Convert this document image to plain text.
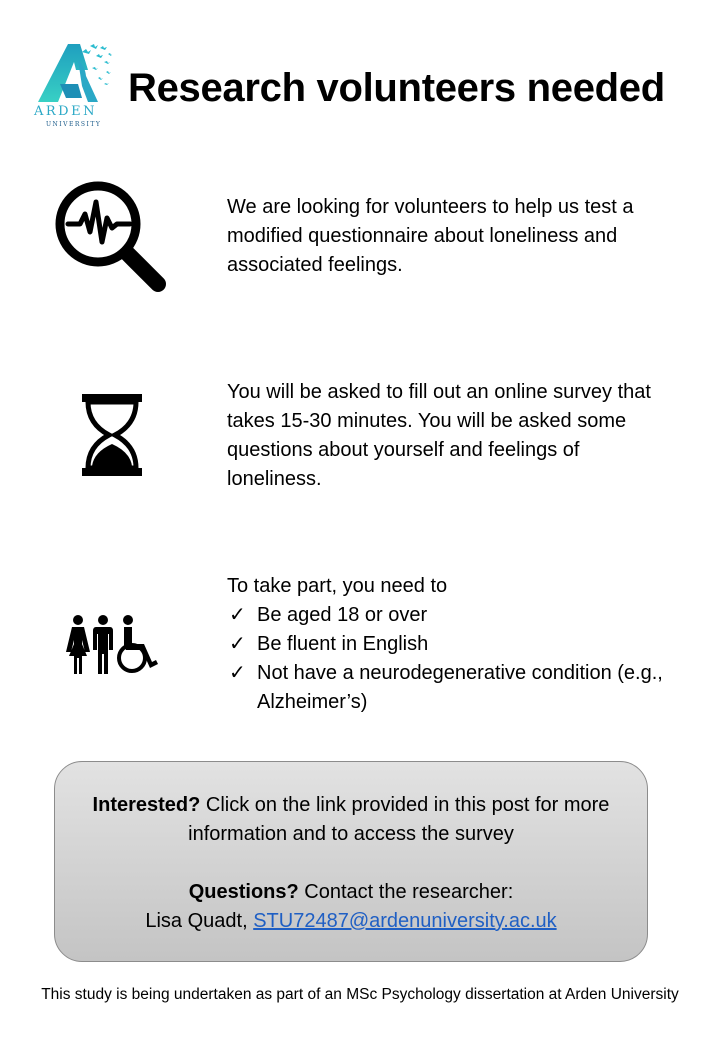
ARDEN
UNIVERSITY
Research volunteers needed
We are looking for volunteers to help us test a modified questionnaire about loneliness and associated feelings.
You will be asked to fill out an online survey that takes 15-30 minutes. You will be asked some questions about yourself and feelings of loneliness.
To take part, you need to
✓ Be aged 18 or over
✓ Be fluent in English
✓ Not have a neurodegenerative condition (e.g., Alzheimer’s)

Interested? Click on the link provided in this post for more information and to access the survey

Questions? Contact the researcher:

Lisa Quadt, STU72487@ardenuniversity.ac.uk

This study is being undertaken as part of an MSc Psychology dissertation at Arden University
